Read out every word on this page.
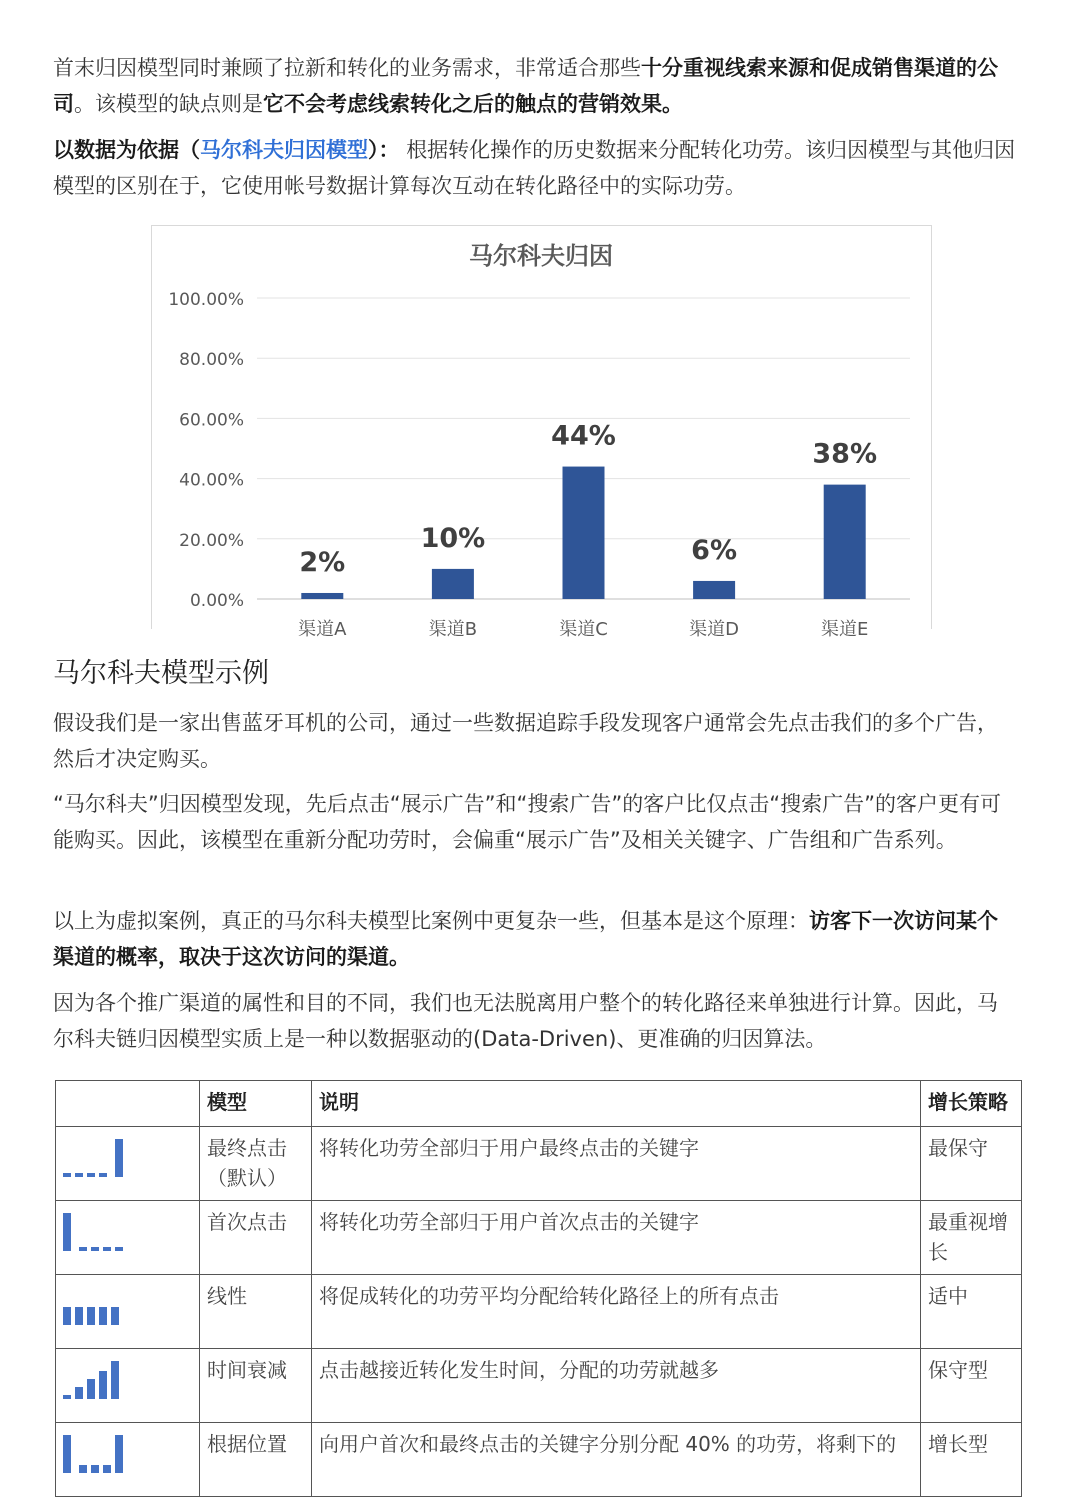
首末归因模型同时兼顾了拉新和转化的业务需求，非常适合那些十分重视线索来源和促成销售渠道的公司。该模型的缺点则是它不会考虑线索转化之后的触点的营销效果。

以数据为依据（马尔科夫归因模型）： 根据转化操作的历史数据来分配转化功劳。该归因模型与其他归因模型的区别在于，它使用帐号数据计算每次互动在转化路径中的实际功劳。

马尔科夫归因
0.00%
20.00%
40.00%
60.00%
80.00%
100.00%
2%
渠道A
10%
渠道B
44%
渠道C
6%
渠道D
38%
渠道E
马尔科夫模型示例

假设我们是一家出售蓝牙耳机的公司，通过一些数据追踪手段发现客户通常会先点击我们的多个广告，然后才决定购买。

“马尔科夫”归因模型发现，先后点击“展示广告”和“搜索广告”的客户比仅点击“搜索广告”的客户更有可能购买。因此，该模型在重新分配功劳时，会偏重“展示广告”及相关关键字、广告组和广告系列。

以上为虚拟案例，真正的马尔科夫模型比案例中更复杂一些，但基本是这个原理：访客下一次访问某个渠道的概率，取决于这次访问的渠道。

因为各个推广渠道的属性和目的不同，我们也无法脱离用户整个的转化路径来单独进行计算。因此，马尔科夫链归因模型实质上是一种以数据驱动的(Data-Driven)、更准确的归因算法。

	模型	说明	增长策略

	最终点击（默认）	将转化功劳全部归于用户最终点击的关键字	最保守

	首次点击	将转化功劳全部归于用户首次点击的关键字	最重视增长

	线性	将促成转化的功劳平均分配给转化路径上的所有点击	适中

	时间衰减	点击越接近转化发生时间，分配的功劳就越多	保守型

	根据位置	向用户首次和最终点击的关键字分别分配 40% 的功劳，将剩下的	增长型
